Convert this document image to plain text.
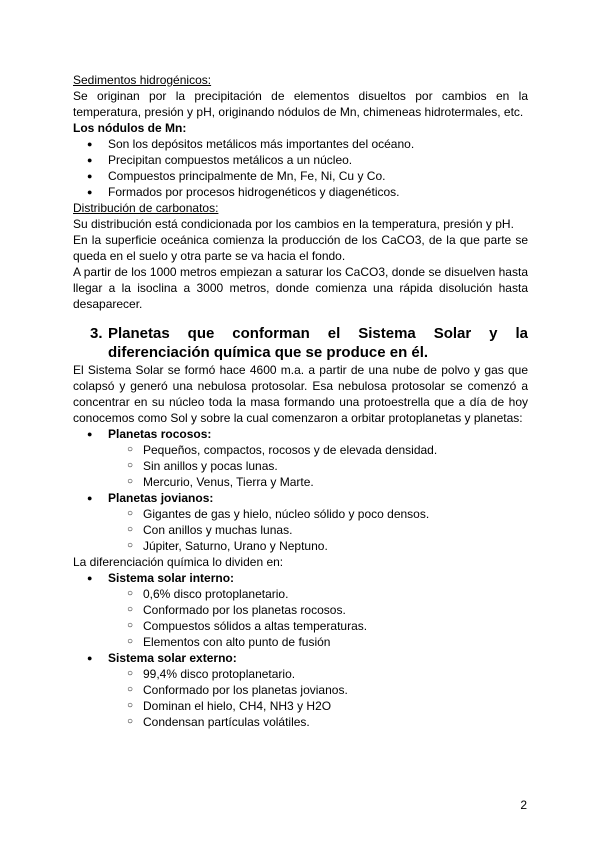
Sedimentos hidrogénicos:

Se originan por la precipitación de elementos disueltos por cambios en la temperatura, presión y pH, originando nódulos de Mn, chimeneas hidrotermales, etc.

Los nódulos de Mn:

● Son los depósitos metálicos más importantes del océano.
● Precipitan compuestos metálicos a un núcleo.
● Compuestos principalmente de Mn, Fe, Ni, Cu y Co.
● Formados por procesos hidrogenéticos y diagenéticos.

Distribución de carbonatos:

Su distribución está condicionada por los cambios en la temperatura, presión y pH.

En la superficie oceánica comienza la producción de los CaCO3, de la que parte se queda en el suelo y otra parte se va hacia el fondo.

A partir de los 1000 metros empiezan a saturar los CaCO3, donde se disuelven hasta llegar a la isoclina a 3000 metros, donde comienza una rápida disolución hasta desaparecer.

3. Planetas que conforman el Sistema Solar y la diferenciación química que se produce en él.

El Sistema Solar se formó hace 4600 m.a. a partir de una nube de polvo y gas que colapsó y generó una nebulosa protosolar. Esa nebulosa protosolar se comenzó a concentrar en su núcleo toda la masa formando una protoestrella que a día de hoy conocemos como Sol y sobre la cual comenzaron a orbitar protoplanetas y planetas:

● Planetas rocosos:
○ Pequeños, compactos, rocosos y de elevada densidad.
○ Sin anillos y pocas lunas.
○ Mercurio, Venus, Tierra y Marte.
● Planetas jovianos:
○ Gigantes de gas y hielo, núcleo sólido y poco densos.
○ Con anillos y muchas lunas.
○ Júpiter, Saturno, Urano y Neptuno.

La diferenciación química lo dividen en:

● Sistema solar interno:
○ 0,6% disco protoplanetario.
○ Conformado por los planetas rocosos.
○ Compuestos sólidos a altas temperaturas.
○ Elementos con alto punto de fusión
● Sistema solar externo:
○ 99,4% disco protoplanetario.
○ Conformado por los planetas jovianos.
○ Dominan el hielo, CH4, NH3 y H2O
○ Condensan partículas volátiles.
2
